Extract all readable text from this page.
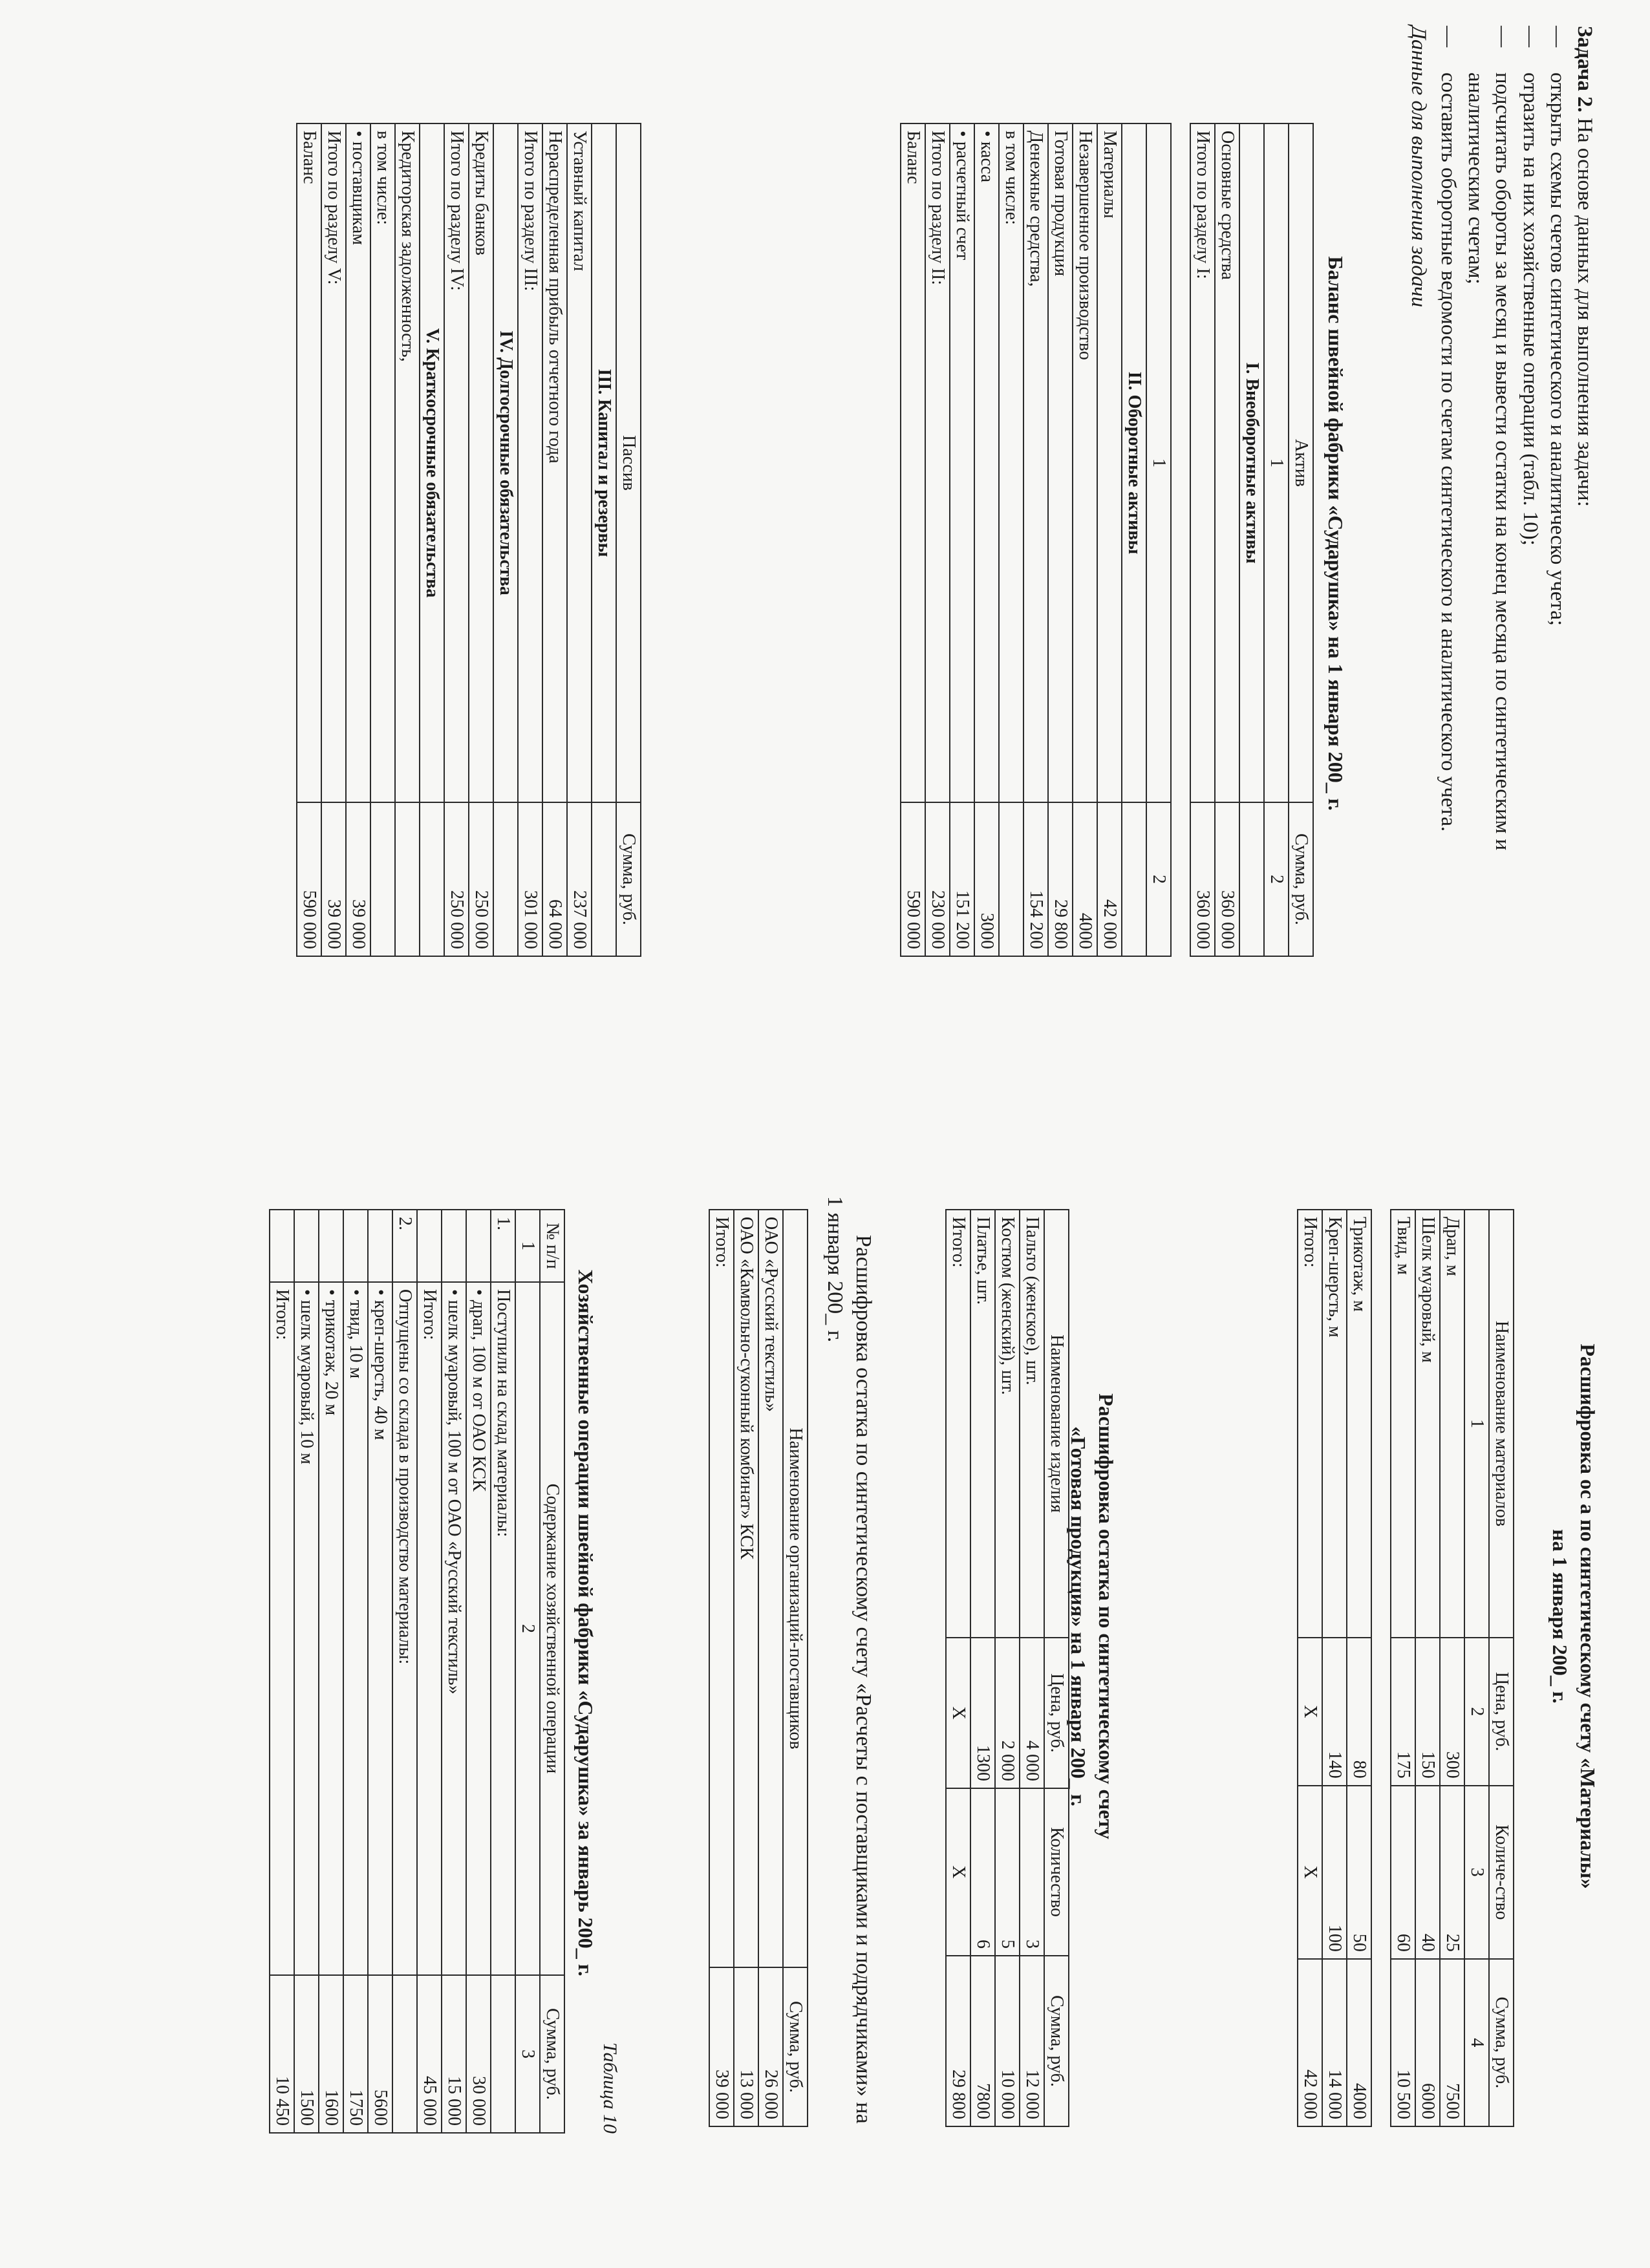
Задача 2. На основе данных для выполнения задачи:
—
открыть схемы счетов синтетического и аналитическо учета;
—
отразить на них хозяйственные операции (табл. 10);
—
подсчитать обороты за месяц и вывести остатки на конец месяца по синтетическим и аналитическим счетам;
—
составить оборотные ведомости по счетам синтетического и аналитического учета.
Данные для выполнения задачи
Баланс швейной фабрики «Сударушка» на 1 января 200_ г.
Актив	Сумма, руб.
1	2
I. Внеоборотные активы	
Основные средства	360 000
Итого по разделу I:	360 000

1	2
II. Оборотные активы	
Материалы	42 000
Незавершенное производство	4000
Готовая продукция	29 800
Денежные средства,	154 200
в том числе:	
• касса	3000
• расчетный счет	151 200
Итого по разделу II:	230 000
Баланс	590 000
Пассив	Сумма, руб.
III. Капитал и резервы	
Уставный капитал	237 000
Нераспределенная прибыль отчетного года	64 000
Итого по разделу III:	301 000
IV. Долгосрочные обязательства	
Кредиты банков	250 000
Итого по разделу IV:	250 000
V. Краткосрочные обязательства	
Кредиторская задолженность,	
в том числе:	
• поставщикам	39 000
Итого по разделу V:	39 000
Баланс	590 000
Расшифровка ос а по синтетическому счету «Материалы»
на 1 января 200_ г.
Наименование материалов	Цена, руб.	Количе-ство	Сумма, руб.
1	2	3	4
Драп, м	300	25	7500
Шелк муаровый, м	150	40	6000
Твид, м	175	60	10 500

Трикотаж, м	80	50	4000
Креп-шерсть, м	140	100	14 000
Итого:	Х	Х	42 000
Расшифровка остатка по синтетическому счету
«Готовая продукция» на 1 января 200_ г.
Наименование изделия	Цена, руб.	Количество	Сумма, руб.
Пальто (женское), шт.	4 000	3	12 000
Костюм (женский), шт.	2 000	5	10 000
Платье, шт.	1300	6	7800
Итого:	Х	Х	29 800
Расшифровка остатка по синтетическому счету «Расчеты с поставщиками и подрядчиками» на 1 января 200_ г.
Наименование организаций-поставщиков	Сумма, руб.
ОАО «Русский текстиль»	26 000
ОАО «Камвольно-суконный комбинат» КСК	13 000
Итого:	39 000
Таблица 10
Хозяйственные операции швейной фабрики «Сударушка» за январь 200_ г.
№ п/п	Содержание хозяйственной операции	Сумма, руб.
1	2	3
1.	Поступили на склад материалы:	
	• драп, 100 м от ОАО КСК	30 000
	• шелк муаровый, 100 м от ОАО «Русский текстиль»	15 000
	Итого:	45 000
2.	Отпущены со склада в производство материалы:	
	• креп-шерсть, 40 м	5600
	• твид, 10 м	1750
	• трикотаж, 20 м	1600
	• шелк муаровый, 10 м	1500
	Итого:	10 450
